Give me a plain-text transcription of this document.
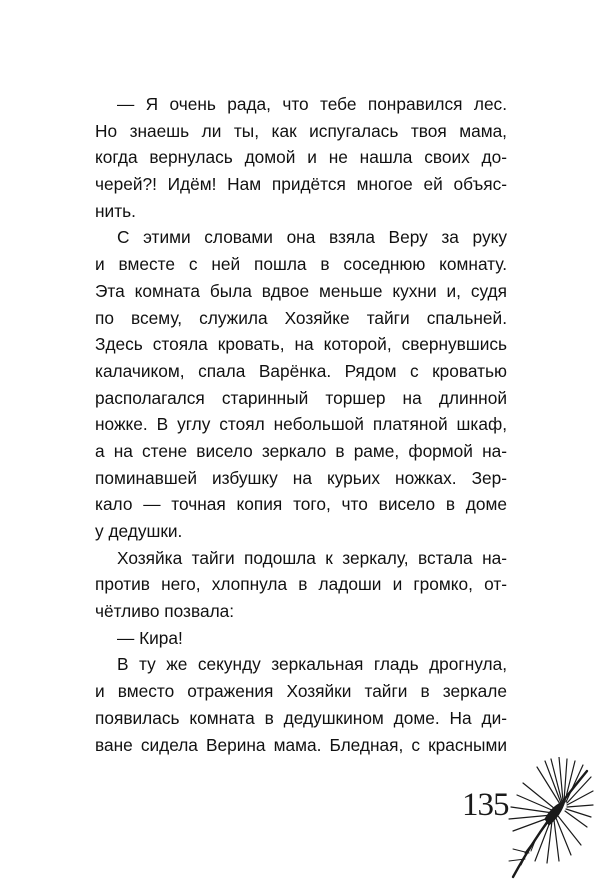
— Я очень рада, что тебе понравился лес.
Но знаешь ли ты, как испугалась твоя мама,
когда вернулась домой и не нашла своих до-
черей?! Идём! Нам придётся многое ей объяс-
нить.
С этими словами она взяла Веру за руку
и вместе с ней пошла в соседнюю комнату.
Эта комната была вдвое меньше кухни и, судя
по всему, служила Хозяйке тайги спальней.
Здесь стояла кровать, на которой, свернувшись
калачиком, спала Варёнка. Рядом с кроватью
располагался старинный торшер на длинной
ножке. В углу стоял небольшой платяной шкаф,
а на стене висело зеркало в раме, формой на-
поминавшей избушку на курьих ножках. Зер-
кало — точная копия того, что висело в доме
у дедушки.
Хозяйка тайги подошла к зеркалу, встала на-
против него, хлопнула в ладоши и громко, от-
чётливо позвала:
— Кира!
В ту же секунду зеркальная гладь дрогнула,
и вместо отражения Хозяйки тайги в зеркале
появилась комната в дедушкином доме. На ди-
ване сидела Верина мама. Бледная, с красными
135
